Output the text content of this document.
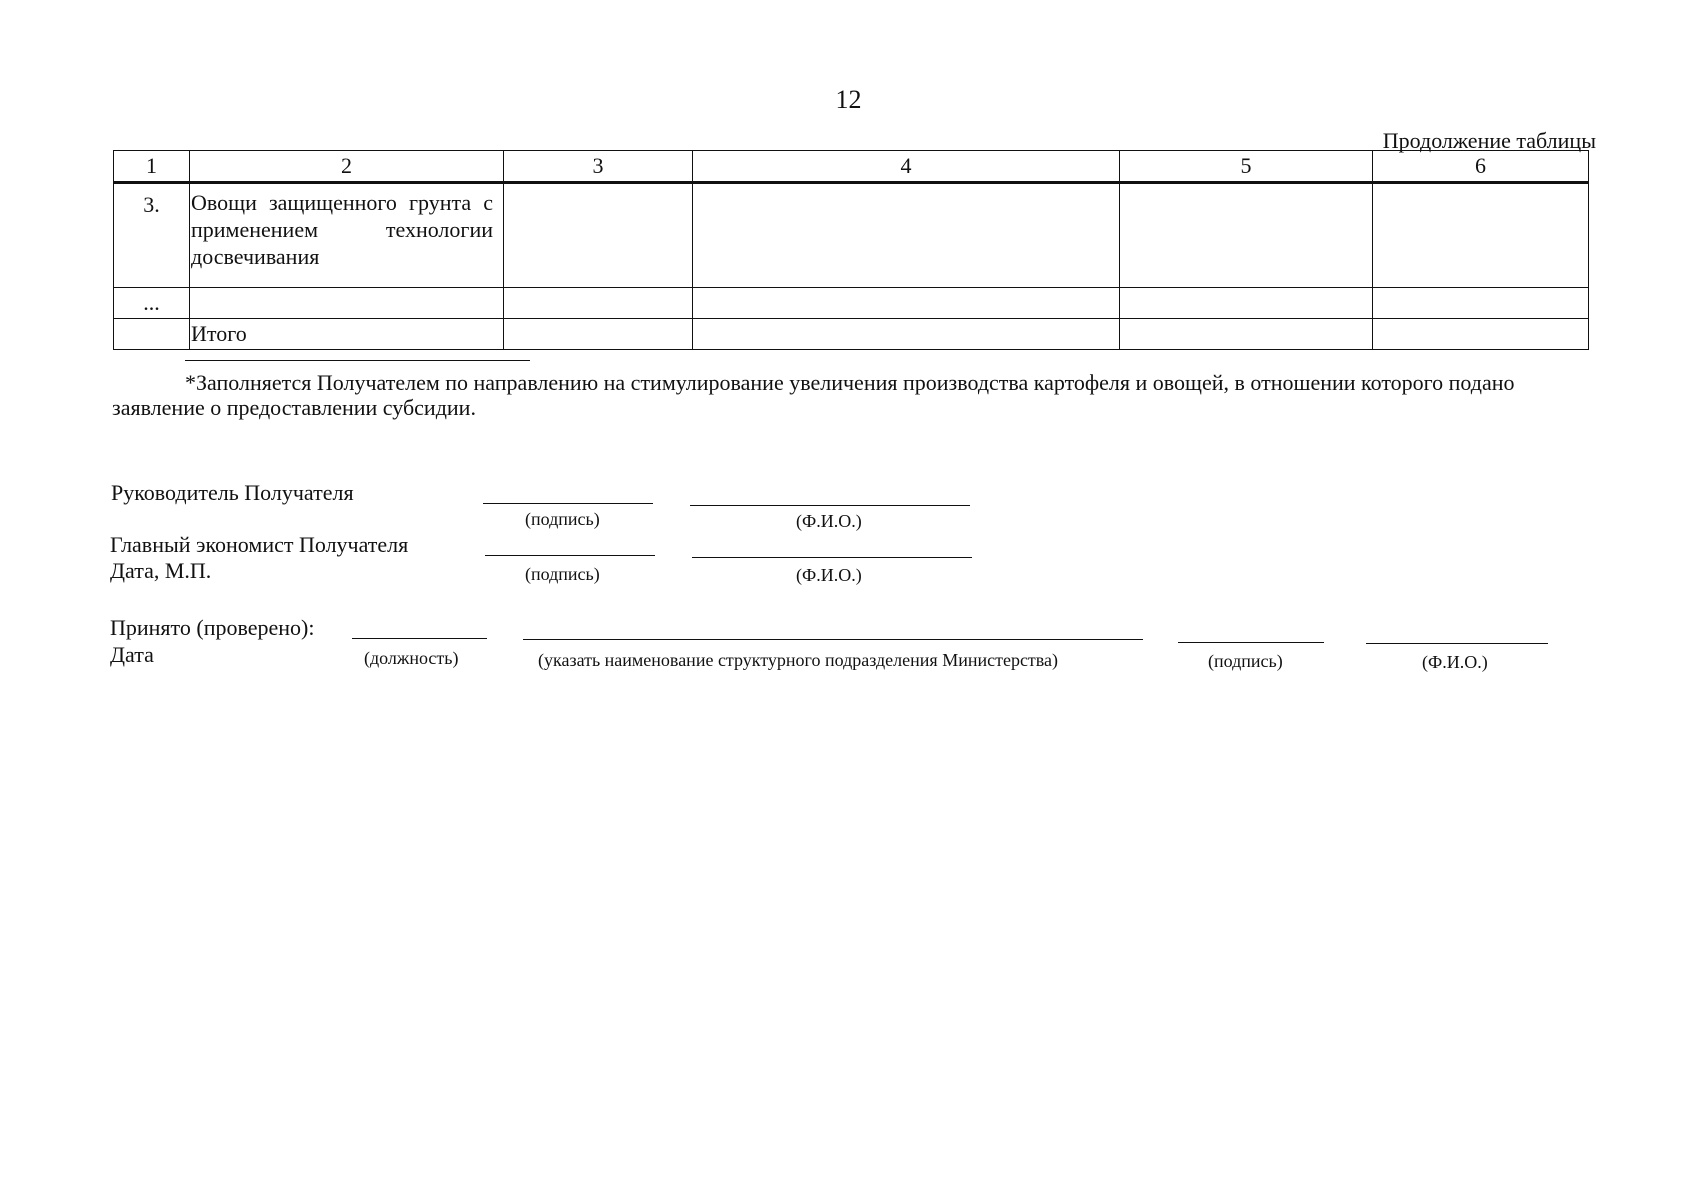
12
Продолжение таблицы
1	2	3	4	5	6
3.	Овощи защищенного грунта с применением технологии досвечивания				
...					
	Итого				
*Заполняется Получателем по направлению на стимулирование увеличения производства картофеля и овощей, в отношении которого подано заявление о предоставлении субсидии.
Руководитель Получателя
(подпись)	(Ф.И.О.)
Главный экономист Получателя
Дата, М.П.	(подпись)	(Ф.И.О.)
Принято (проверено):
Дата	(должность)	(указать наименование структурного подразделения Министерства)	(подпись)	(Ф.И.О.)
